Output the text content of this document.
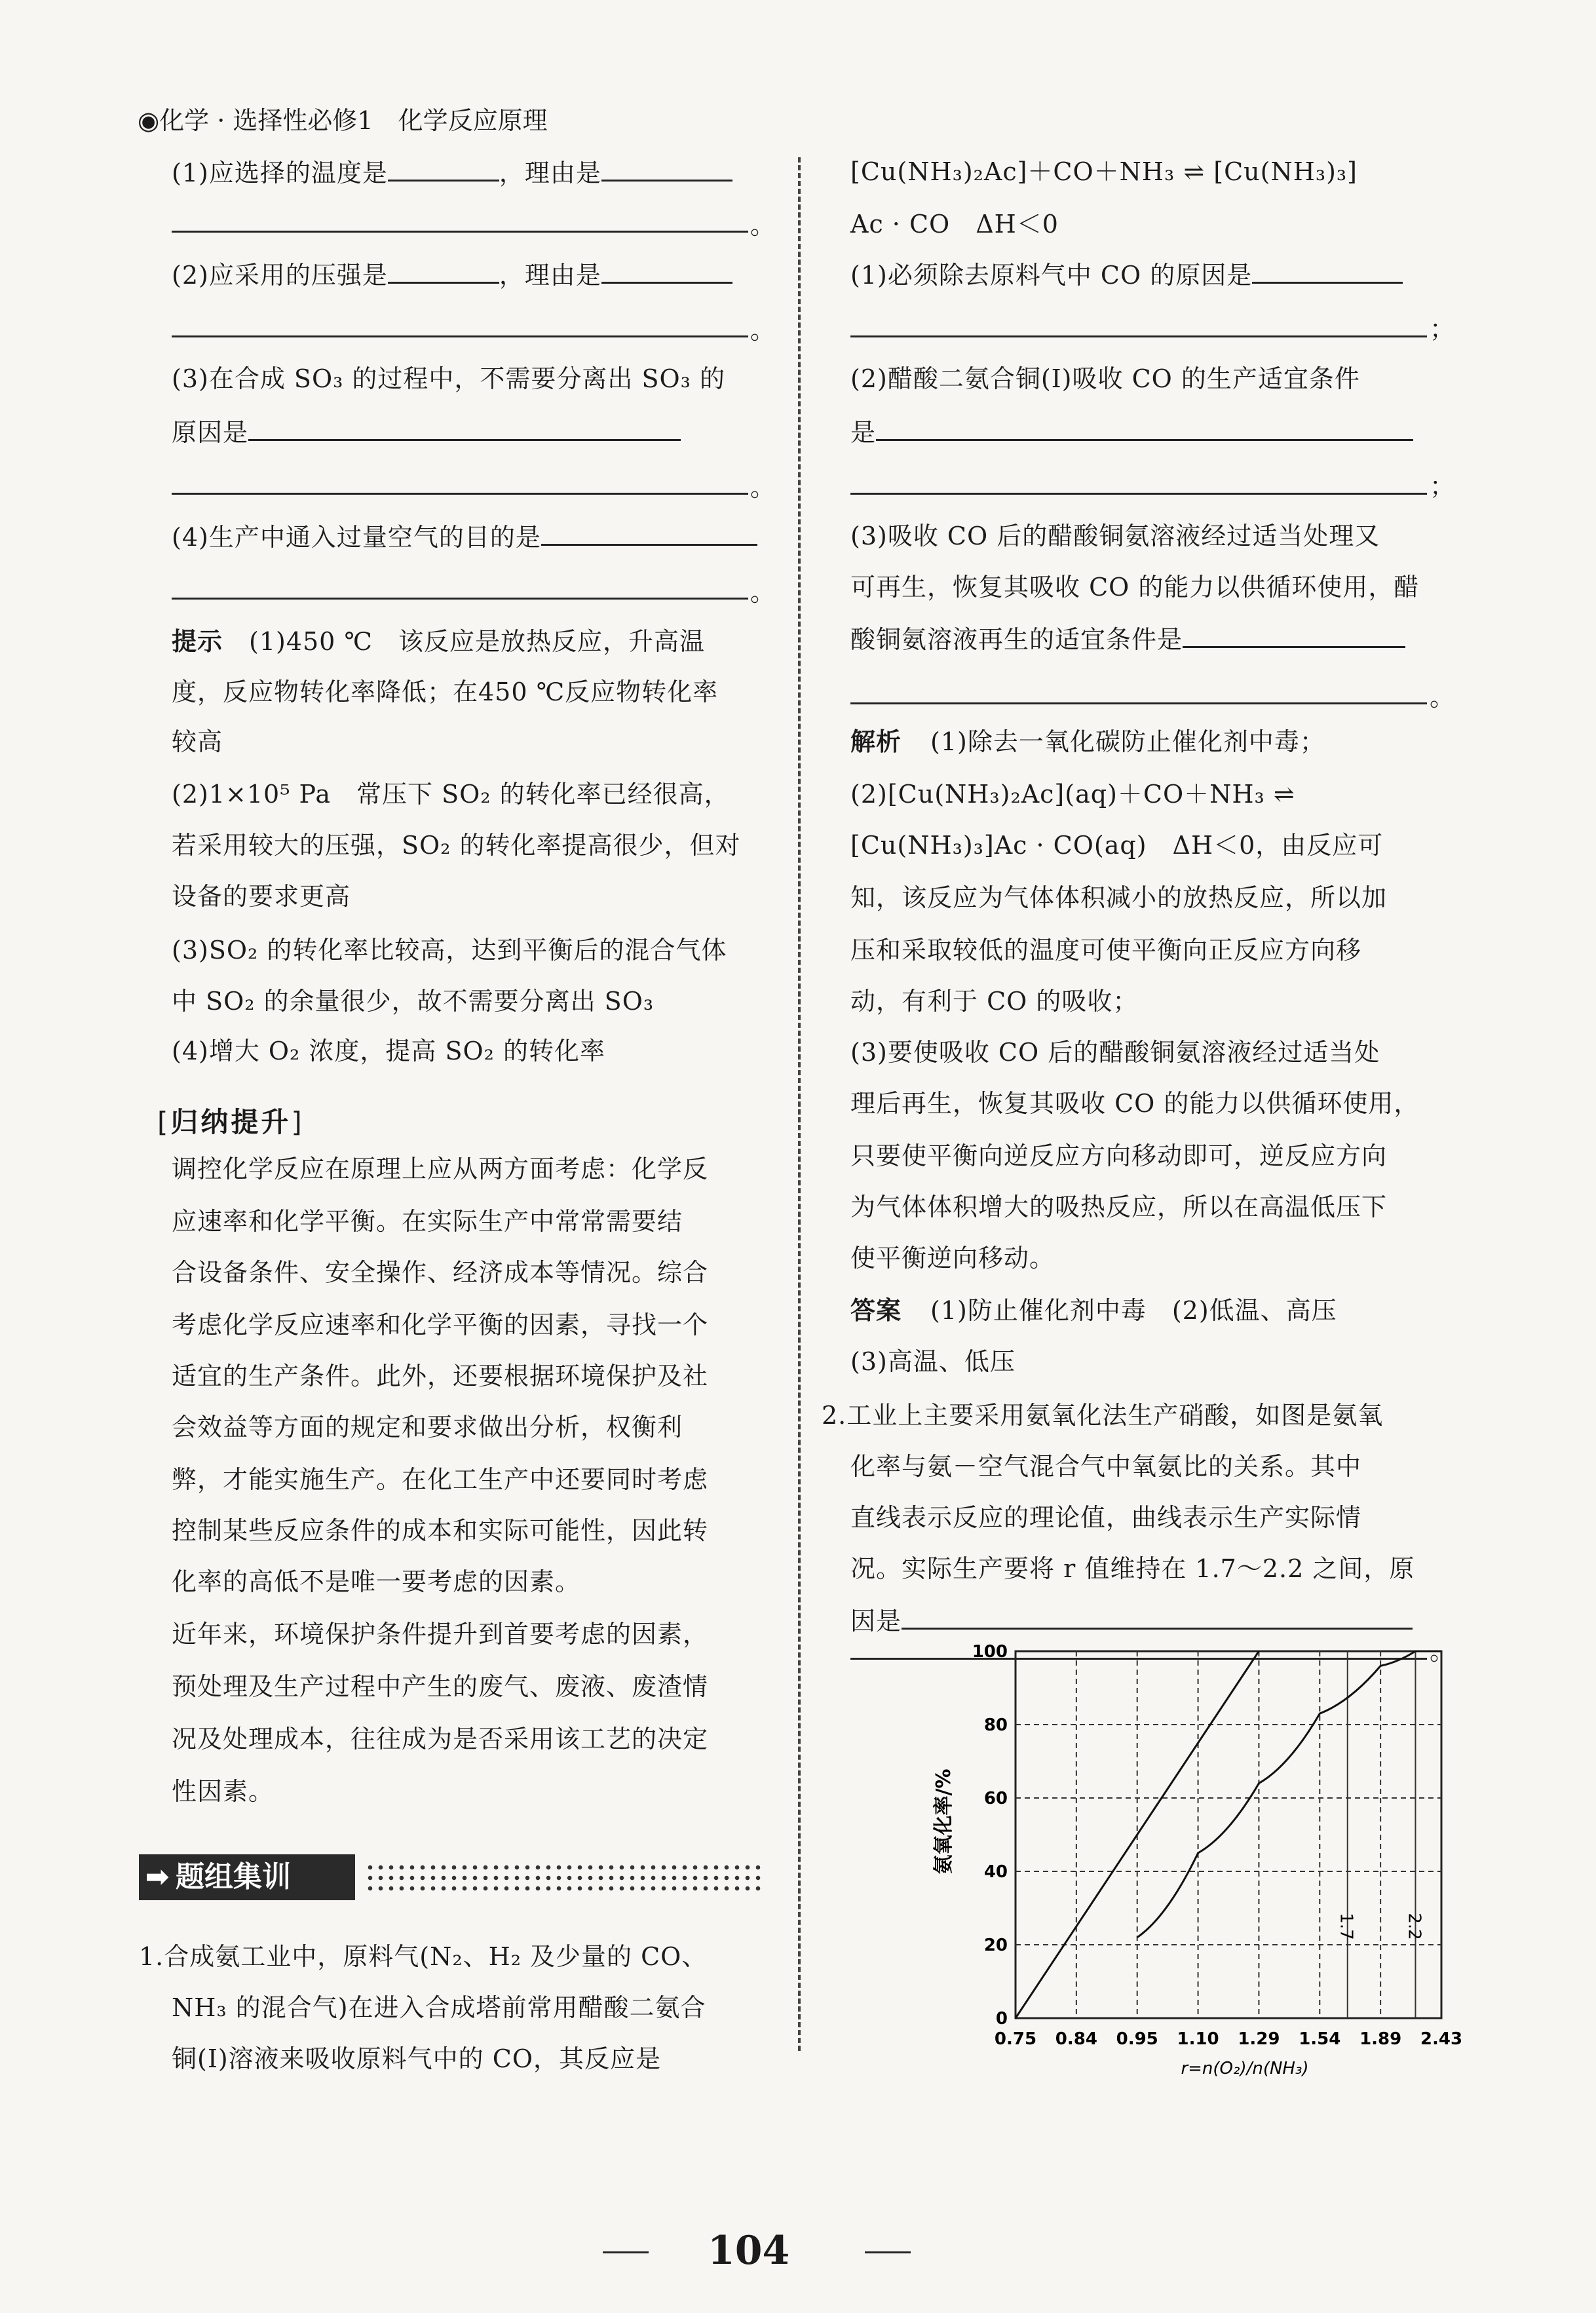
◉化学 · 选择性必修1　化学反应原理
(1)应选择的温度是	，理由是
。
(2)应采用的压强是	，理由是
。
(3)在合成 SO₃ 的过程中，不需要分离出 SO₃ 的
原因是
。
(4)生产中通入过量空气的目的是
。
提示 (1)450 ℃　该反应是放热反应，升高温
度，反应物转化率降低；在450 ℃反应物转化率
较高
(2)1×10⁵ Pa　常压下 SO₂ 的转化率已经很高，
若采用较大的压强，SO₂ 的转化率提高很少，但对
设备的要求更高
(3)SO₂ 的转化率比较高，达到平衡后的混合气体
中 SO₂ 的余量很少，故不需要分离出 SO₃
(4)增大 O₂ 浓度，提高 SO₂ 的转化率
[归纳提升]
调控化学反应在原理上应从两方面考虑：化学反
应速率和化学平衡。在实际生产中常常需要结
合设备条件、安全操作、经济成本等情况。综合
考虑化学反应速率和化学平衡的因素，寻找一个
适宜的生产条件。此外，还要根据环境保护及社
会效益等方面的规定和要求做出分析，权衡利
弊，才能实施生产。在化工生产中还要同时考虑
控制某些反应条件的成本和实际可能性，因此转
化率的高低不是唯一要考虑的因素。
近年来，环境保护条件提升到首要考虑的因素，
预处理及生产过程中产生的废气、废液、废渣情
况及处理成本，往往成为是否采用该工艺的决定
性因素。
➡ 题组集训
1.合成氨工业中，原料气(N₂、H₂ 及少量的 CO、
NH₃ 的混合气)在进入合成塔前常用醋酸二氨合
铜(Ⅰ)溶液来吸收原料气中的 CO，其反应是
[Cu(NH₃)₂Ac]＋CO＋NH₃ ⇌ [Cu(NH₃)₃]
Ac · CO　ΔH＜0
(1)必须除去原料气中 CO 的原因是
；
(2)醋酸二氨合铜(Ⅰ)吸收 CO 的生产适宜条件
是
；
(3)吸收 CO 后的醋酸铜氨溶液经过适当处理又
可再生，恢复其吸收 CO 的能力以供循环使用，醋
酸铜氨溶液再生的适宜条件是
。
解析 (1)除去一氧化碳防止催化剂中毒；
(2)[Cu(NH₃)₂Ac](aq)＋CO＋NH₃ ⇌
[Cu(NH₃)₃]Ac · CO(aq)　ΔH＜0，由反应可
知，该反应为气体体积减小的放热反应，所以加
压和采取较低的温度可使平衡向正反应方向移
动，有利于 CO 的吸收；
(3)要使吸收 CO 后的醋酸铜氨溶液经过适当处
理后再生，恢复其吸收 CO 的能力以供循环使用，
只要使平衡向逆反应方向移动即可，逆反应方向
为气体体积增大的吸热反应，所以在高温低压下
使平衡逆向移动。
答案 (1)防止催化剂中毒　(2)低温、高压
(3)高温、低压
2.工业上主要采用氨氧化法生产硝酸，如图是氨氧
化率与氨－空气混合气中氧氨比的关系。其中
直线表示反应的理论值，曲线表示生产实际情
况。实际生产要将 r 值维持在 1.7～2.2 之间，原
因是
。
氨氧化率/%
r=n(O₂)/n(NH₃)
0.75 0.84 0.95 1.10 1.29 1.54 1.89 2.43
0
20
40
60
80
100
1.7	2.2
104
